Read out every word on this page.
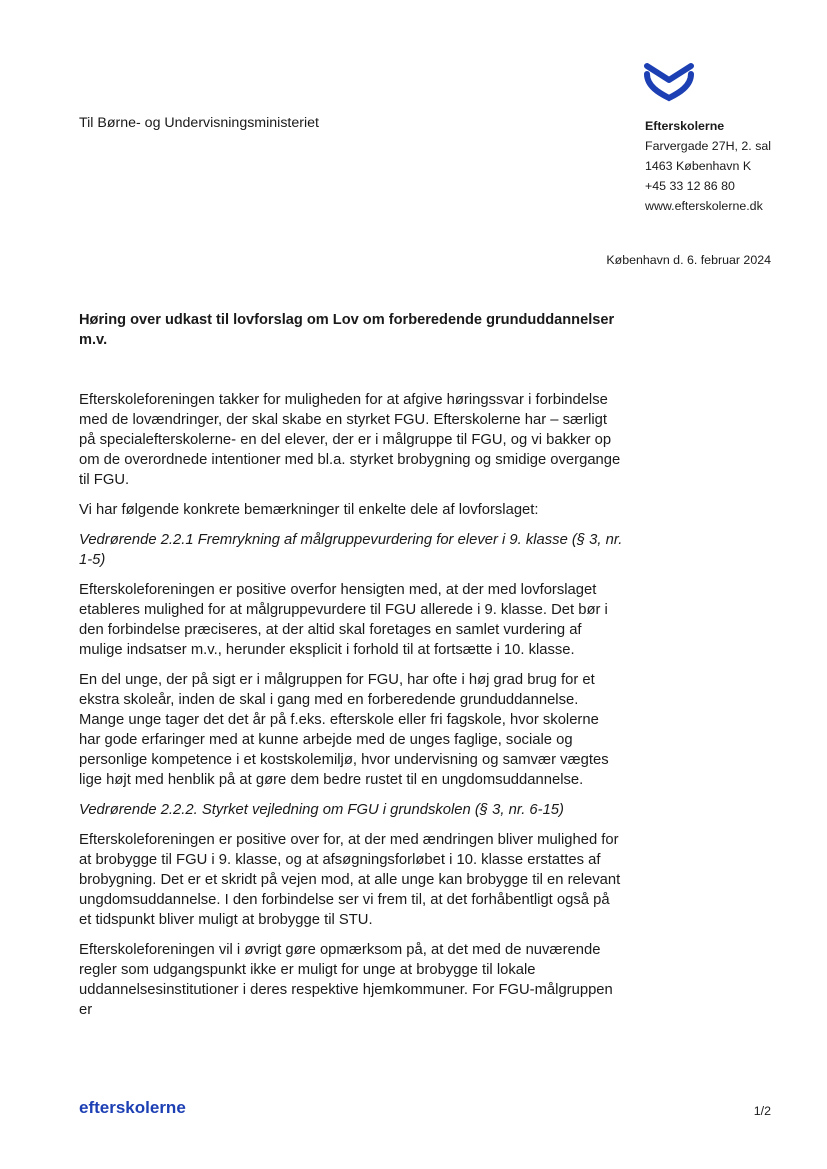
Til Børne- og Undervisningsministeriet	Efterskolerne
Farvergade 27H, 2. sal
1463 København K
+45 33 12 86 80
www.efterskolerne.dk
København d. 6. februar 2024
Høring over udkast til lovforslag om Lov om forberedende grunduddannelser m.v.

Efterskoleforeningen takker for muligheden for at afgive høringssvar i forbindelse med de lovændringer, der skal skabe en styrket FGU. Efterskolerne har – særligt på specialefterskolerne- en del elever, der er i målgruppe til FGU, og vi bakker op om de overordnede intentioner med bl.a. styrket brobygning og smidige overgange til FGU.

Vi har følgende konkrete bemærkninger til enkelte dele af lovforslaget:

Vedrørende 2.2.1 Fremrykning af målgruppevurdering for elever i 9. klasse (§ 3, nr. 1-5)

Efterskoleforeningen er positive overfor hensigten med, at der med lovforslaget etableres mulighed for at målgruppevurdere til FGU allerede i 9. klasse. Det bør i den forbindelse præciseres, at der altid skal foretages en samlet vurdering af mulige indsatser m.v., herunder eksplicit i forhold til at fortsætte i 10. klasse.

En del unge, der på sigt er i målgruppen for FGU, har ofte i høj grad brug for et ekstra skoleår, inden de skal i gang med en forberedende grunduddannelse. Mange unge tager det det år på f.eks. efterskole eller fri fagskole, hvor skolerne har gode erfaringer med at kunne arbejde med de unges faglige, sociale og personlige kompetence i et kostskolemiljø, hvor undervisning og samvær vægtes lige højt med henblik på at gøre dem bedre rustet til en ungdomsuddannelse.

Vedrørende 2.2.2. Styrket vejledning om FGU i grundskolen (§ 3, nr. 6-15)

Efterskoleforeningen er positive over for, at der med ændringen bliver mulighed for at brobygge til FGU i 9. klasse, og at afsøgningsforløbet i 10. klasse erstattes af brobygning. Det er et skridt på vejen mod, at alle unge kan brobygge til en relevant ungdomsuddannelse. I den forbindelse ser vi frem til, at det forhåbentligt også på et tidspunkt bliver muligt at brobygge til STU.

Efterskoleforeningen vil i øvrigt gøre opmærksom på, at det med de nuværende regler som udgangspunkt ikke er muligt for unge at brobygge til lokale uddannelsesinstitutioner i deres respektive hjemkommuner. For FGU-målgruppen er

efterskolerne	1/2
